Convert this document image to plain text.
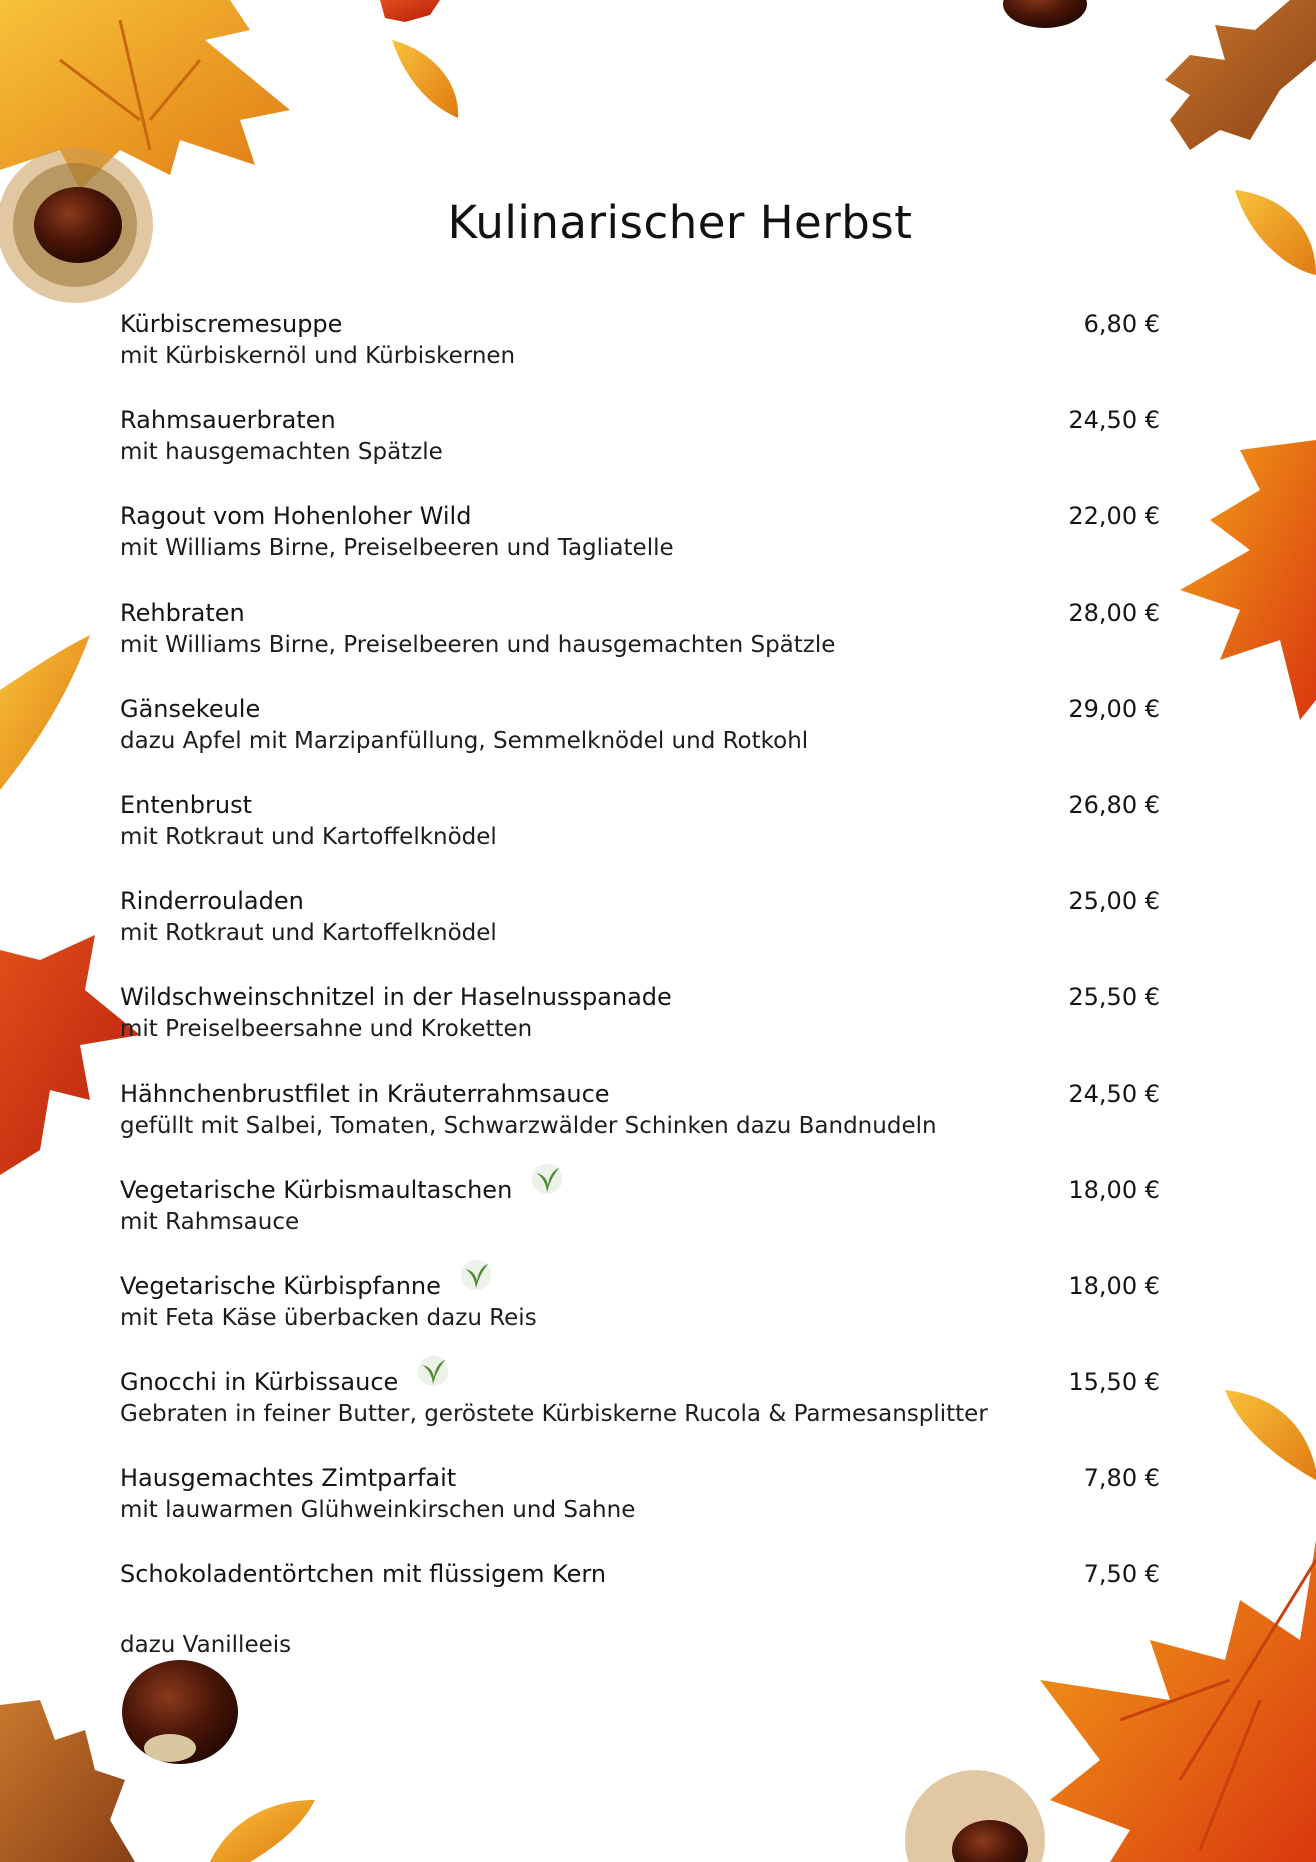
Kulinarischer Herbst
Kürbiscremesuppe
mit Kürbiskernöl und Kürbiskernen
6,80 €
Rahmsauerbraten
mit hausgemachten Spätzle
24,50 €
Ragout vom Hohenloher Wild
mit Williams Birne, Preiselbeeren und Tagliatelle
22,00 €
Rehbraten
mit Williams Birne, Preiselbeeren und hausgemachten Spätzle
28,00 €
Gänsekeule
dazu Apfel mit Marzipanfüllung, Semmelknödel und Rotkohl
29,00 €
Entenbrust
mit Rotkraut und Kartoffelknödel
26,80 €
Rinderrouladen
mit Rotkraut und Kartoffelknödel
25,00 €
Wildschweinschnitzel in der Haselnusspanade
mit Preiselbeersahne und Kroketten
25,50 €
Hähnchenbrustfilet in Kräuterrahmsauce
gefüllt mit Salbei, Tomaten, Schwarzwälder Schinken dazu Bandnudeln
24,50 €
Vegetarische Kürbismaultaschen
mit Rahmsauce
18,00 €
Vegetarische Kürbispfanne
mit Feta Käse überbacken dazu Reis
18,00 €
Gnocchi in Kürbissauce
Gebraten in feiner Butter, geröstete Kürbiskerne Rucola & Parmesansplitter
15,50 €
Hausgemachtes Zimtparfait
mit lauwarmen Glühweinkirschen und Sahne
7,80 €
Schokoladentörtchen mit flüssigem Kern
dazu Vanilleeis
7,50 €
